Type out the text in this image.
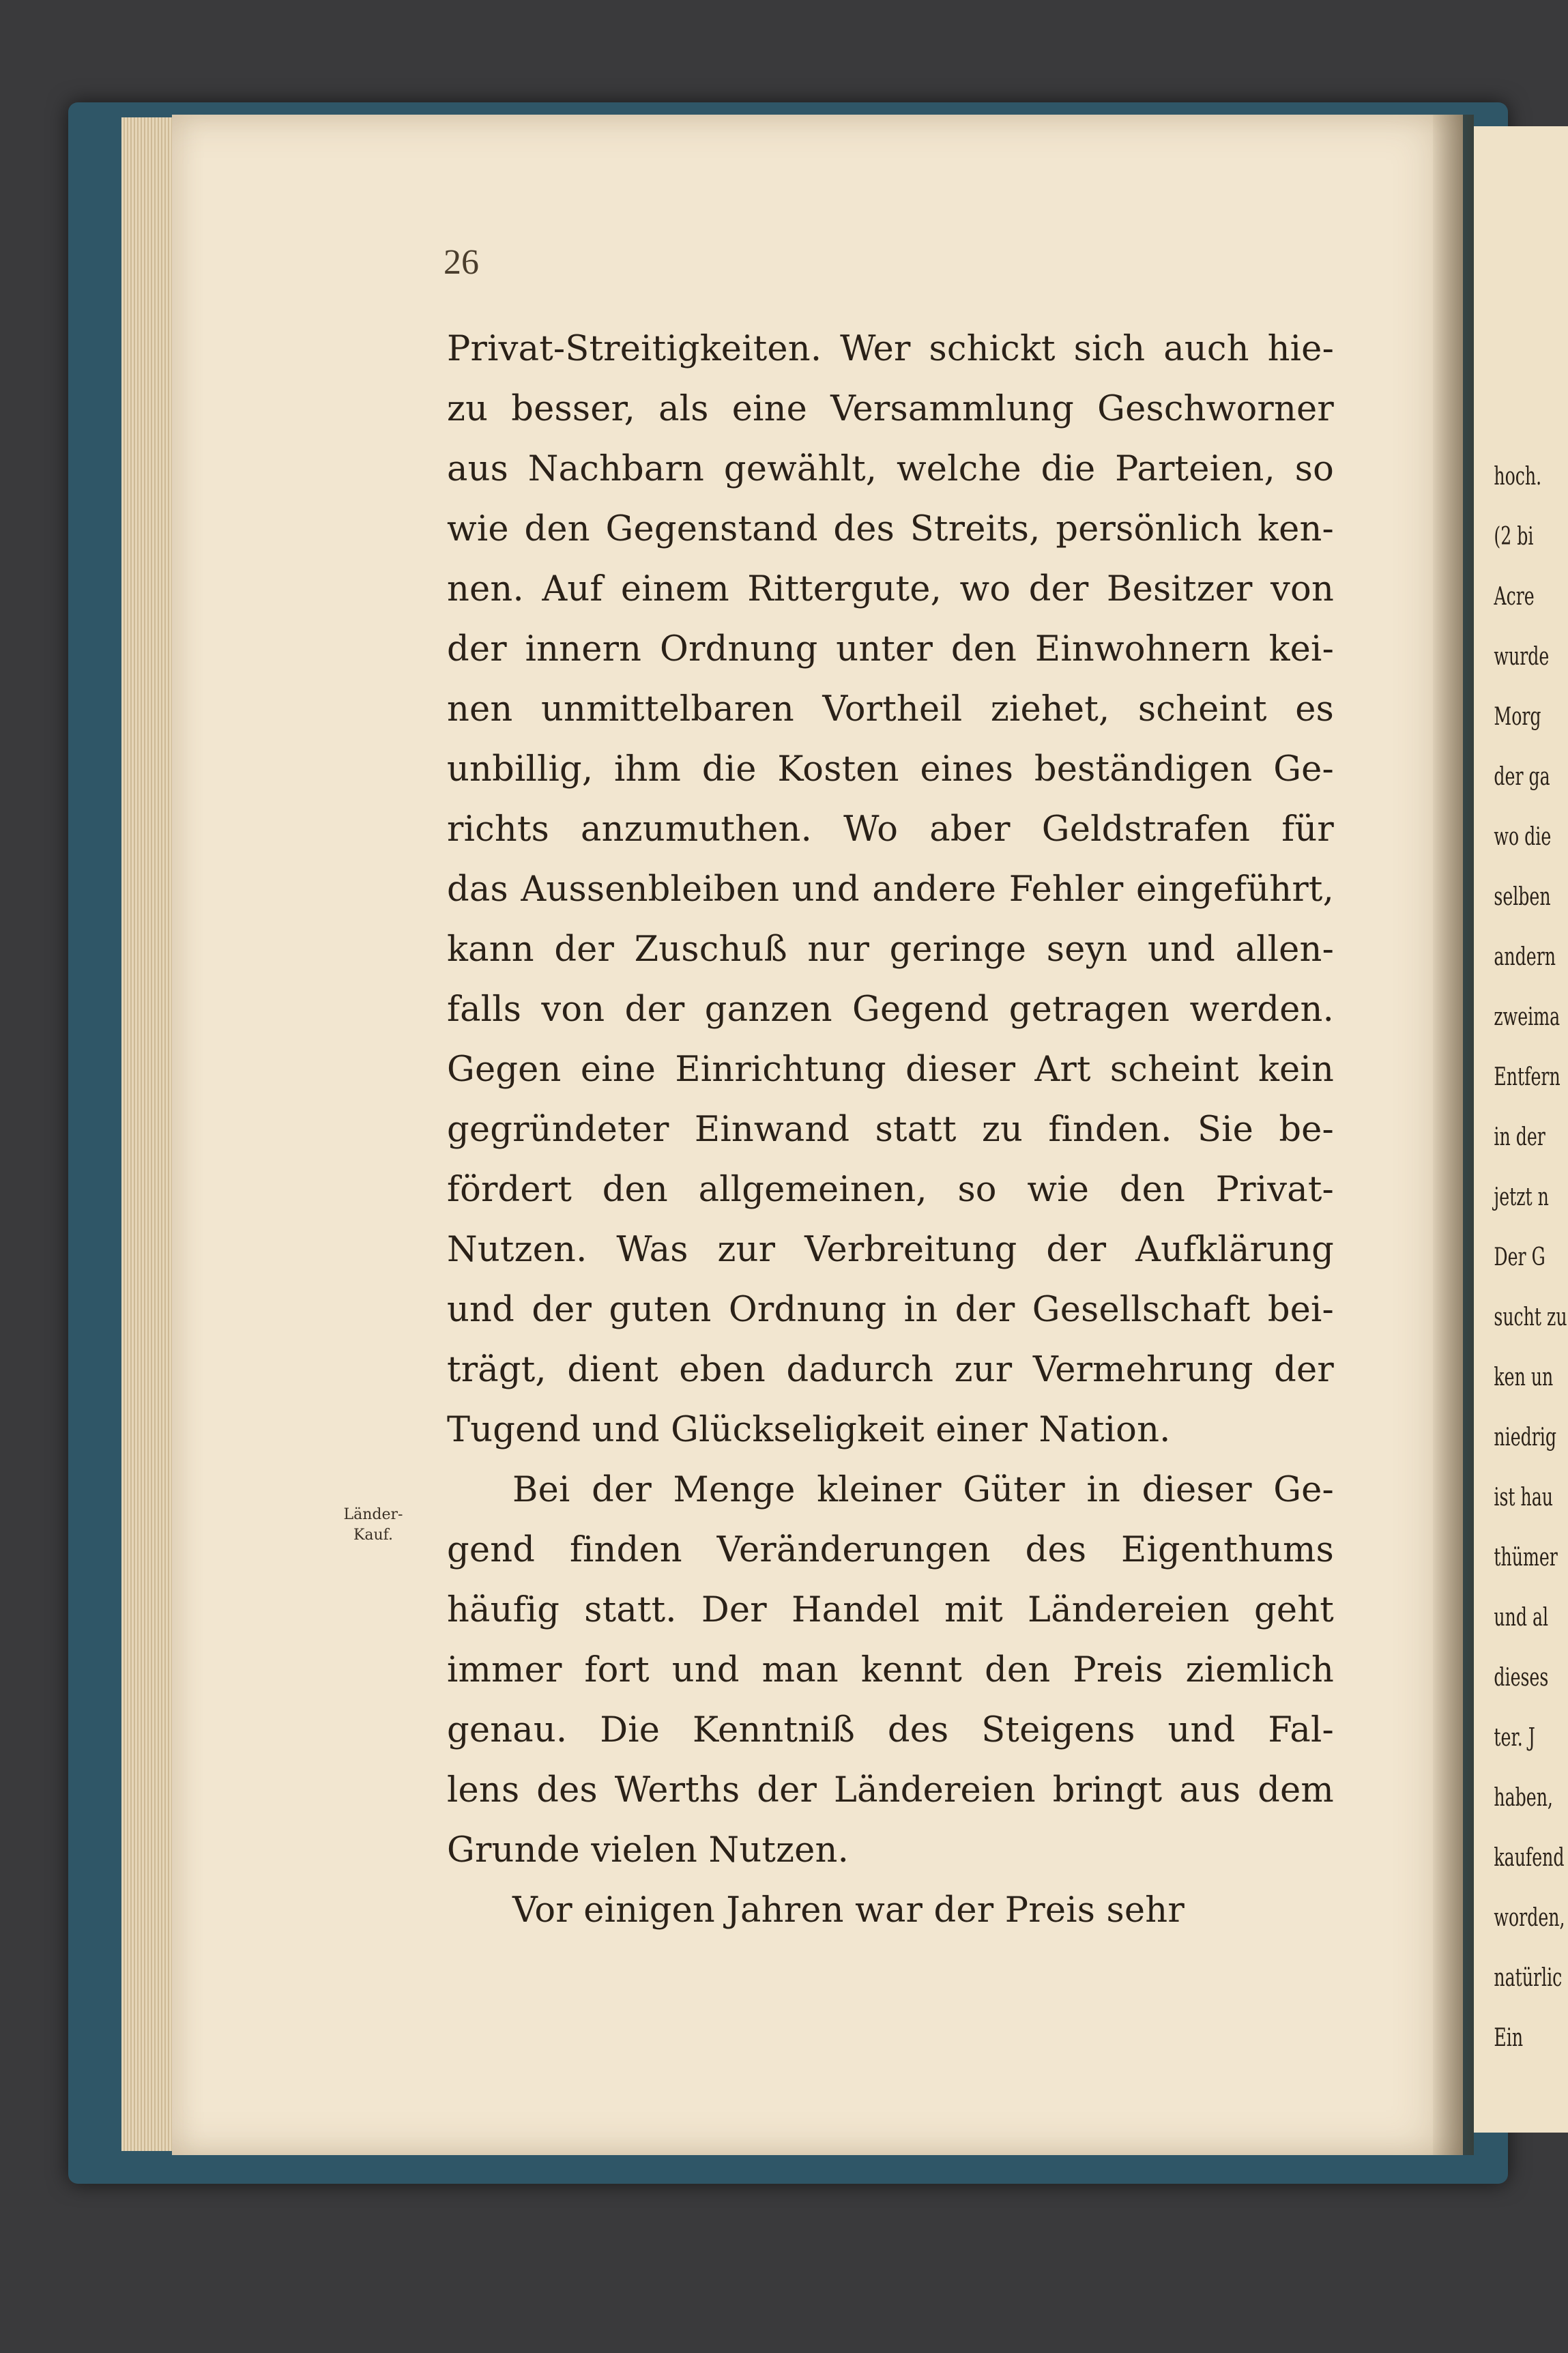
hoch.
(2 bi
Acre
wurde
Morg
der ga
wo die
selben
andern
zweima
Entfern
in der
jetzt n
Der G
sucht zu
ken un
niedrig
ist hau
thümer
und al
dieses
ter. J
haben,
kaufend
worden,
natürlic
Ein
26
Privat-Streitigkeiten. Wer schickt sich auch hie-
zu besser, als eine Versammlung Geschworner
aus Nachbarn gewählt, welche die Parteien, so
wie den Gegenstand des Streits, persönlich ken-
nen. Auf einem Rittergute, wo der Besitzer von
der innern Ordnung unter den Einwohnern kei-
nen unmittelbaren Vortheil ziehet, scheint es
unbillig, ihm die Kosten eines beständigen Ge-
richts anzumuthen. Wo aber Geldstrafen für
das Aussenbleiben und andere Fehler eingeführt,
kann der Zuschuß nur geringe seyn und allen-
falls von der ganzen Gegend getragen werden.
Gegen eine Einrichtung dieser Art scheint kein
gegründeter Einwand statt zu finden. Sie be-
fördert den allgemeinen, so wie den Privat-
Nutzen. Was zur Verbreitung der Aufklärung
und der guten Ordnung in der Gesellschaft bei-
trägt, dient eben dadurch zur Vermehrung der
Tugend und Glückseligkeit einer Nation.
Bei der Menge kleiner Güter in dieser Ge-
gend finden Veränderungen des Eigenthums
häufig statt. Der Handel mit Ländereien geht
immer fort und man kennt den Preis ziemlich
genau. Die Kenntniß des Steigens und Fal-
lens des Werths der Ländereien bringt aus dem
Grunde vielen Nutzen.
Vor einigen Jahren war der Preis sehr
Länder-
Kauf.
